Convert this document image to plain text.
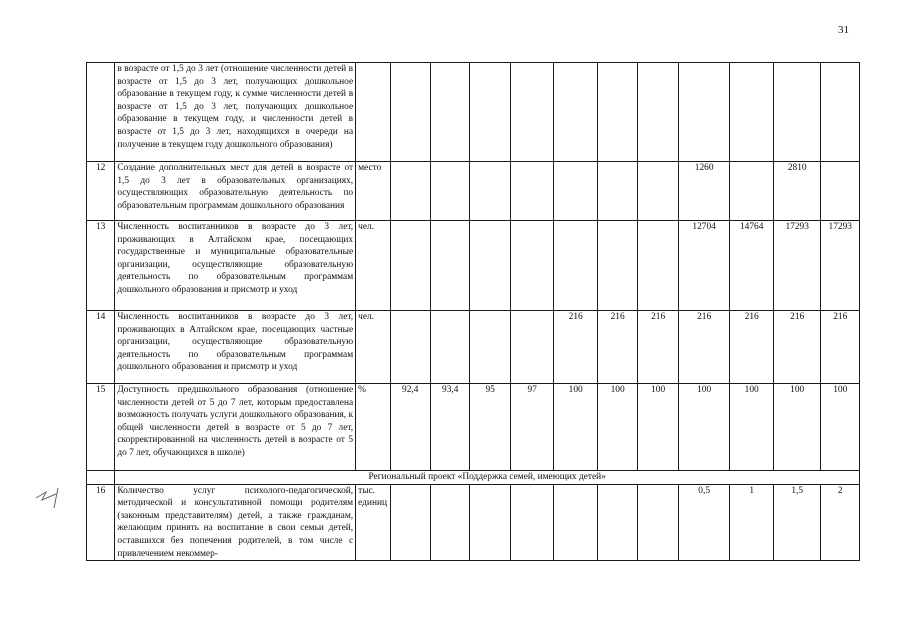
31
	в возрасте от 1,5 до 3 лет (отношение численности детей в возрасте от 1,5 до 3 лет, получающих дошкольное образование в текущем году, к сумме численности детей в возрасте от 1,5 до 3 лет, получающих дошкольное образование в текущем году, и численности детей в возрасте от 1,5 до 3 лет, находящихся в очереди на получение в текущем году дошкольного образования)												
12	Создание дополнительных мест для детей в возрасте от 1,5 до 3 лет в образовательных организациях, осуществляющих образовательную деятельность по образовательным программам дошкольного образования	место								1260		2810	
13	Численность воспитанников в возрасте до 3 лет, проживающих в Алтайском крае, посещающих государственные и муниципальные образовательные организации, осуществляющие образовательную деятельность по образовательным программам дошкольного образования и присмотр и уход	чел.								12704	14764	17293	17293
14	Численность воспитанников в возрасте до 3 лет, проживающих в Алтайском крае, посещающих частные организации, осуществляющие образовательную деятельность по образовательным программам дошкольного образования и присмотр и уход	чел.					216	216	216	216	216	216	216
15	Доступность предшкольного образования (отношение численности детей от 5 до 7 лет, которым предоставлена возможность получать услуги дошкольного образования, к общей численности детей в возрасте от 5 до 7 лет, скорректированной на численность детей в возрасте от 5 до 7 лет, обучающихся в школе)	%	92,4	93,4	95	97	100	100	100	100	100	100	100
	Региональный проект «Поддержка семей, имеющих детей»												
16	Количество услуг психолого-педагогической, методической и консультативной помощи родителям (законным представителям) детей, а также гражданам, желающим принять на воспитание в свои семьи детей, оставшихся без попечения родителей, в том числе с привлечением некоммер-	тыс. единиц								0,5	1	1,5	2
